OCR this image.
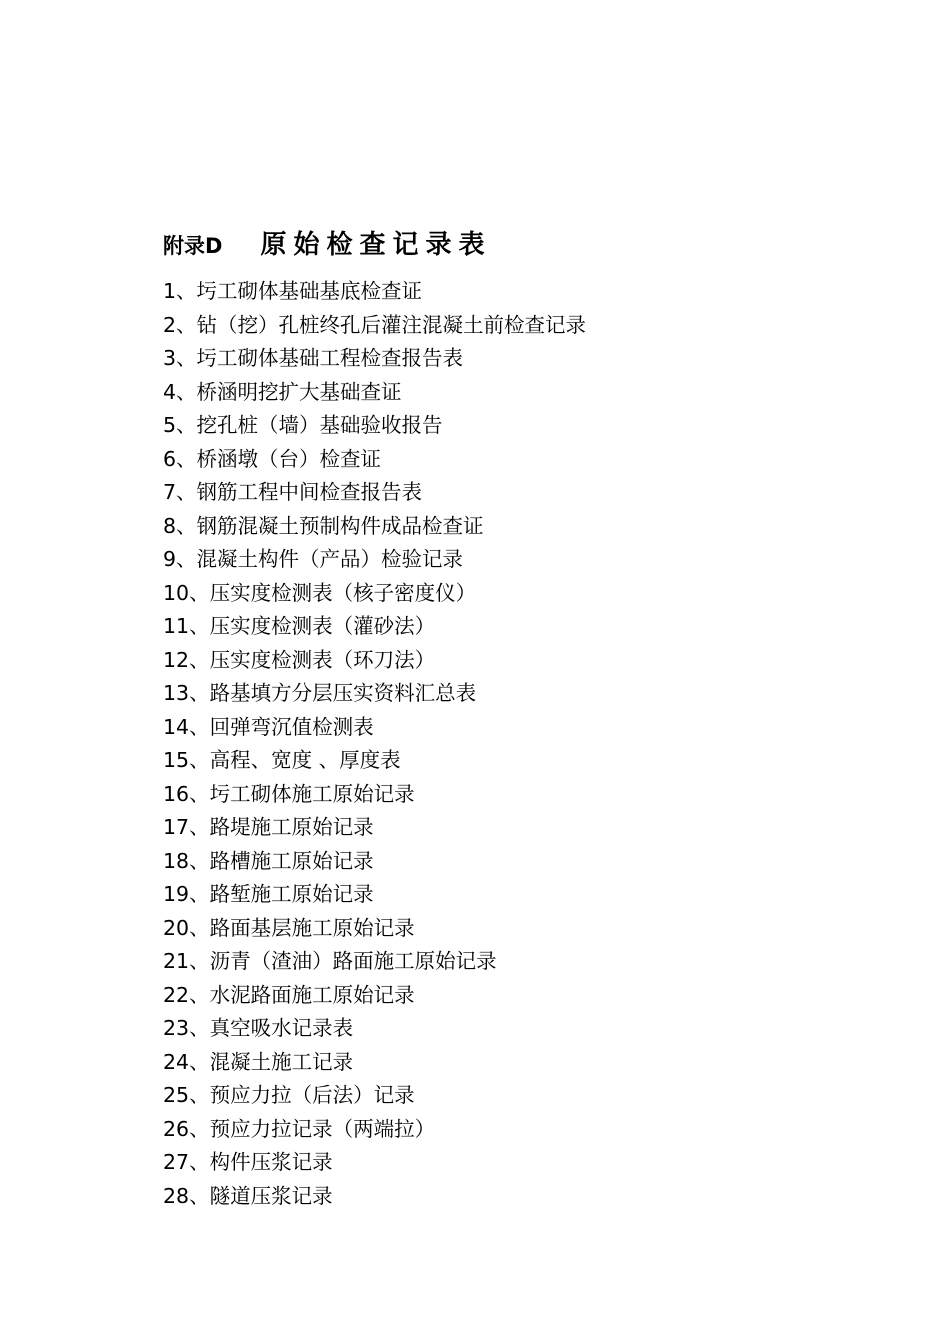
附录D 原始检查记录表
1、圬工砌体基础基底检查证
2、钻（挖）孔桩终孔后灌注混凝土前检查记录
3、圬工砌体基础工程检查报告表
4、桥涵明挖扩大基础查证
5、挖孔桩（墙）基础验收报告
6、桥涵墩（台）检查证
7、钢筋工程中间检查报告表
8、钢筋混凝土预制构件成品检查证
9、混凝土构件（产品）检验记录
10、压实度检测表（核子密度仪）
11、压实度检测表（灌砂法）
12、压实度检测表（环刀法）
13、路基填方分层压实资料汇总表
14、回弹弯沉值检测表
15、高程、宽度 、厚度表
16、圬工砌体施工原始记录
17、路堤施工原始记录
18、路槽施工原始记录
19、路堑施工原始记录
20、路面基层施工原始记录
21、沥青（渣油）路面施工原始记录
22、水泥路面施工原始记录
23、真空吸水记录表
24、混凝土施工记录
25、预应力拉（后法）记录
26、预应力拉记录（两端拉）
27、构件压浆记录
28、隧道压浆记录
